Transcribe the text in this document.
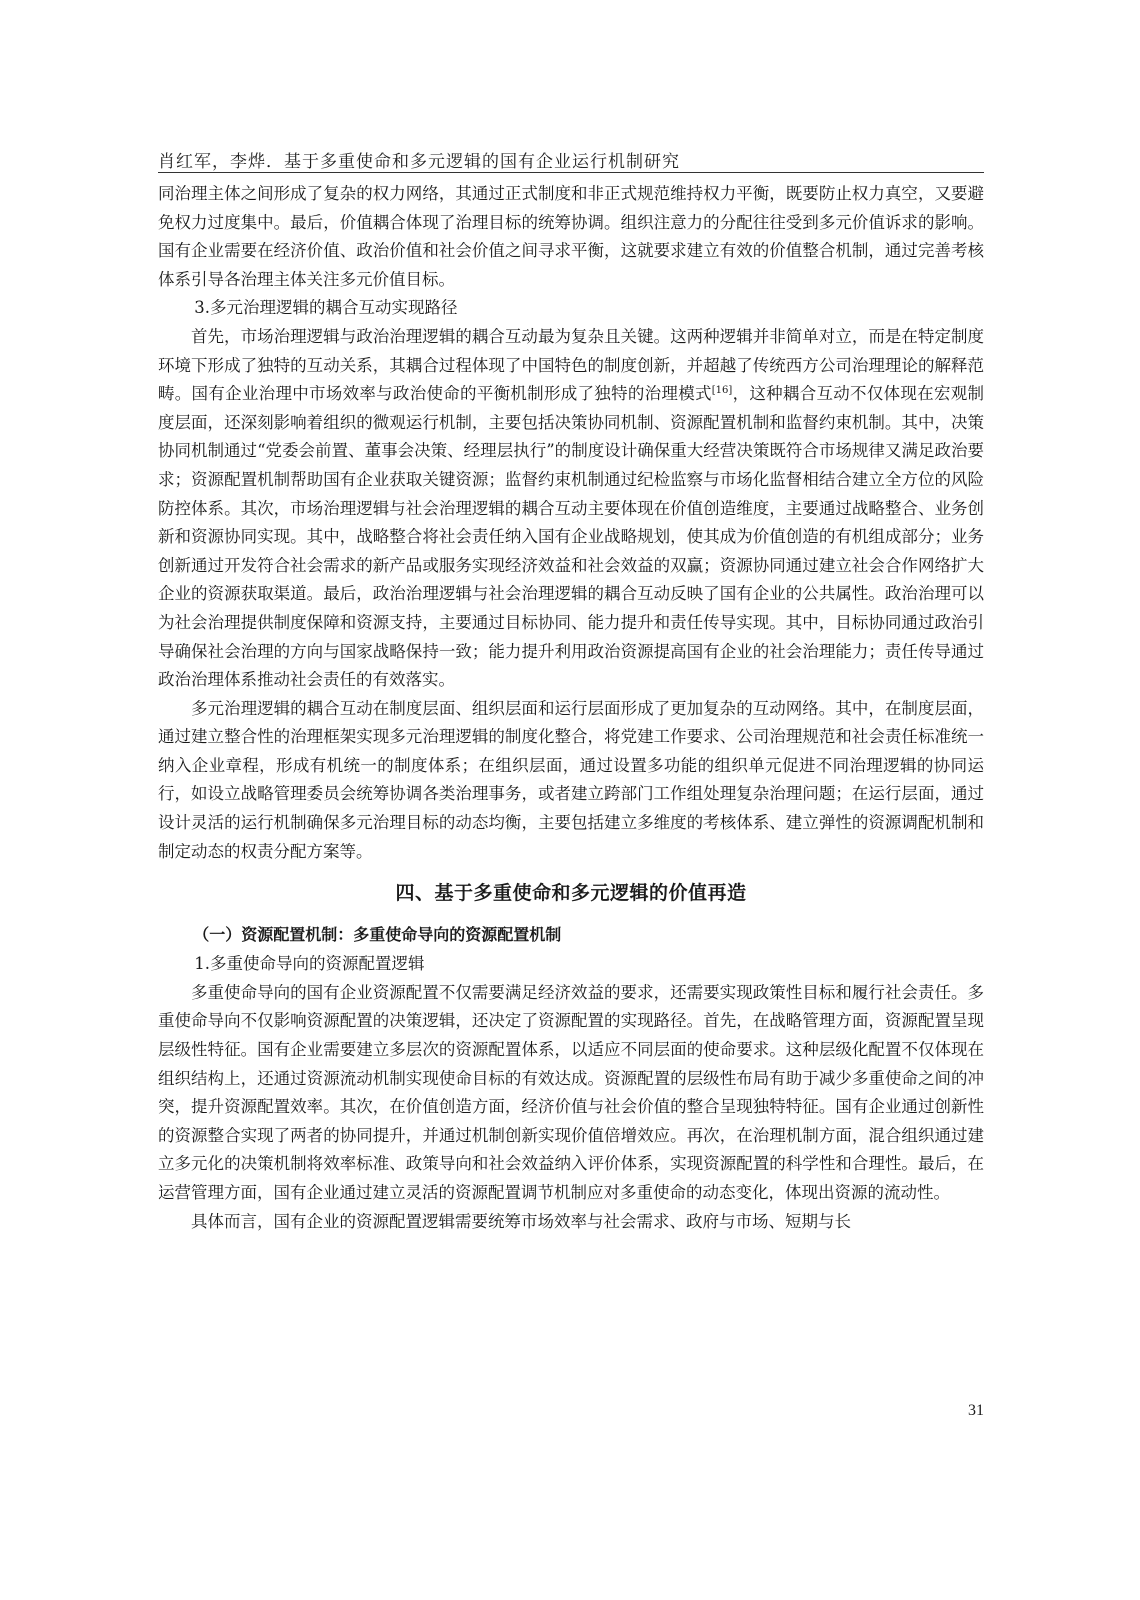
肖红军，李烨．基于多重使命和多元逻辑的国有企业运行机制研究

同治理主体之间形成了复杂的权力网络，其通过正式制度和非正式规范维持权力平衡，既要防止权力真空，又要避免权力过度集中。最后，价值耦合体现了治理目标的统筹协调。组织注意力的分配往往受到多元价值诉求的影响。国有企业需要在经济价值、政治价值和社会价值之间寻求平衡，这就要求建立有效的价值整合机制，通过完善考核体系引导各治理主体关注多元价值目标。

3.多元治理逻辑的耦合互动实现路径

首先，市场治理逻辑与政治治理逻辑的耦合互动最为复杂且关键。这两种逻辑并非简单对立，而是在特定制度环境下形成了独特的互动关系，其耦合过程体现了中国特色的制度创新，并超越了传统西方公司治理理论的解释范畴。国有企业治理中市场效率与政治使命的平衡机制形成了独特的治理模式[16]，这种耦合互动不仅体现在宏观制度层面，还深刻影响着组织的微观运行机制，主要包括决策协同机制、资源配置机制和监督约束机制。其中，决策协同机制通过“党委会前置、董事会决策、经理层执行”的制度设计确保重大经营决策既符合市场规律又满足政治要求；资源配置机制帮助国有企业获取关键资源；监督约束机制通过纪检监察与市场化监督相结合建立全方位的风险防控体系。其次，市场治理逻辑与社会治理逻辑的耦合互动主要体现在价值创造维度，主要通过战略整合、业务创新和资源协同实现。其中，战略整合将社会责任纳入国有企业战略规划，使其成为价值创造的有机组成部分；业务创新通过开发符合社会需求的新产品或服务实现经济效益和社会效益的双赢；资源协同通过建立社会合作网络扩大企业的资源获取渠道。最后，政治治理逻辑与社会治理逻辑的耦合互动反映了国有企业的公共属性。政治治理可以为社会治理提供制度保障和资源支持，主要通过目标协同、能力提升和责任传导实现。其中，目标协同通过政治引导确保社会治理的方向与国家战略保持一致；能力提升利用政治资源提高国有企业的社会治理能力；责任传导通过政治治理体系推动社会责任的有效落实。

多元治理逻辑的耦合互动在制度层面、组织层面和运行层面形成了更加复杂的互动网络。其中，在制度层面，通过建立整合性的治理框架实现多元治理逻辑的制度化整合，将党建工作要求、公司治理规范和社会责任标准统一纳入企业章程，形成有机统一的制度体系；在组织层面，通过设置多功能的组织单元促进不同治理逻辑的协同运行，如设立战略管理委员会统筹协调各类治理事务，或者建立跨部门工作组处理复杂治理问题；在运行层面，通过设计灵活的运行机制确保多元治理目标的动态均衡，主要包括建立多维度的考核体系、建立弹性的资源调配机制和制定动态的权责分配方案等。

四、基于多重使命和多元逻辑的价值再造
（一）资源配置机制：多重使命导向的资源配置机制

1.多重使命导向的资源配置逻辑

多重使命导向的国有企业资源配置不仅需要满足经济效益的要求，还需要实现政策性目标和履行社会责任。多重使命导向不仅影响资源配置的决策逻辑，还决定了资源配置的实现路径。首先，在战略管理方面，资源配置呈现层级性特征。国有企业需要建立多层次的资源配置体系，以适应不同层面的使命要求。这种层级化配置不仅体现在组织结构上，还通过资源流动机制实现使命目标的有效达成。资源配置的层级性布局有助于减少多重使命之间的冲突，提升资源配置效率。其次，在价值创造方面，经济价值与社会价值的整合呈现独特特征。国有企业通过创新性的资源整合实现了两者的协同提升，并通过机制创新实现价值倍增效应。再次，在治理机制方面，混合组织通过建立多元化的决策机制将效率标准、政策导向和社会效益纳入评价体系，实现资源配置的科学性和合理性。最后，在运营管理方面，国有企业通过建立灵活的资源配置调节机制应对多重使命的动态变化，体现出资源的流动性。

具体而言，国有企业的资源配置逻辑需要统筹市场效率与社会需求、政府与市场、短期与长

31
